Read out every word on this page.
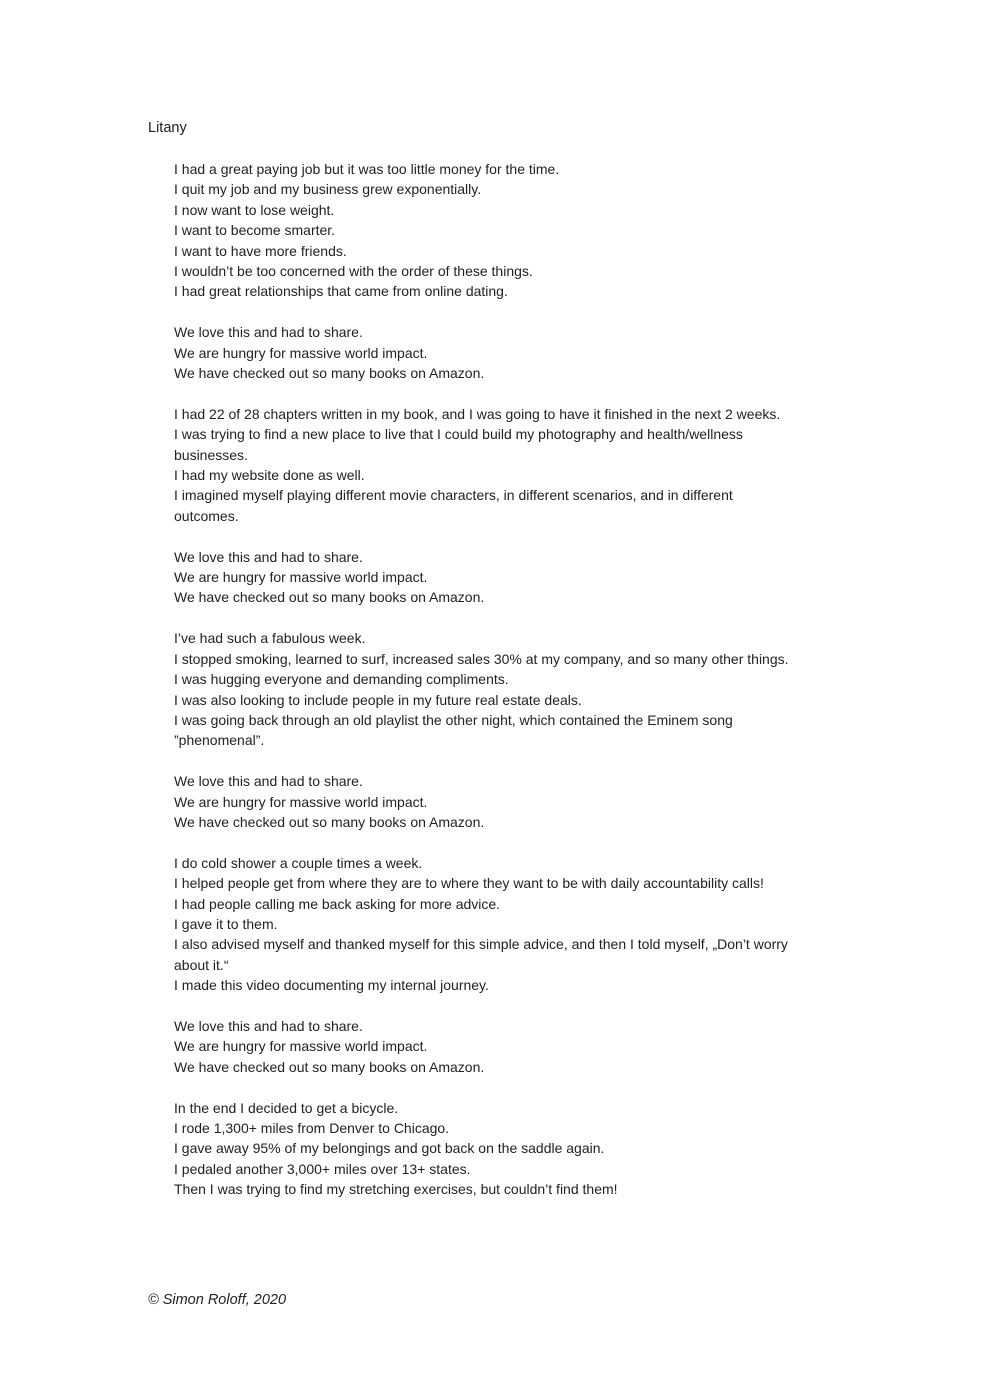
Litany
I had a great paying job but it was too little money for the time.
I quit my job and my business grew exponentially.
I now want to lose weight.
I want to become smarter.
I want to have more friends.
I wouldn’t be too concerned with the order of these things.
I had great relationships that came from online dating.
We love this and had to share.
We are hungry for massive world impact.
We have checked out so many books on Amazon.
I had 22 of 28 chapters written in my book, and I was going to have it finished in the next 2 weeks.
I was trying to find a new place to live that I could build my photography and health/wellness
businesses.
I had my website done as well.
I imagined myself playing different movie characters, in different scenarios, and in different
outcomes.
We love this and had to share.
We are hungry for massive world impact.
We have checked out so many books on Amazon.
I’ve had such a fabulous week.
I stopped smoking, learned to surf, increased sales 30% at my company, and so many other things.
I was hugging everyone and demanding compliments.
I was also looking to include people in my future real estate deals.
I was going back through an old playlist the other night, which contained the Eminem song
”phenomenal”.
We love this and had to share.
We are hungry for massive world impact.
We have checked out so many books on Amazon.
I do cold shower a couple times a week.
I helped people get from where they are to where they want to be with daily accountability calls!
I had people calling me back asking for more advice.
I gave it to them.
I also advised myself and thanked myself for this simple advice, and then I told myself, „Don’t worry
about it.“
I made this video documenting my internal journey.
We love this and had to share.
We are hungry for massive world impact.
We have checked out so many books on Amazon.
In the end I decided to get a bicycle.
I rode 1,300+ miles from Denver to Chicago.
I gave away 95% of my belongings and got back on the saddle again.
I pedaled another 3,000+ miles over 13+ states.
Then I was trying to find my stretching exercises, but couldn’t find them!
© Simon Roloff, 2020
